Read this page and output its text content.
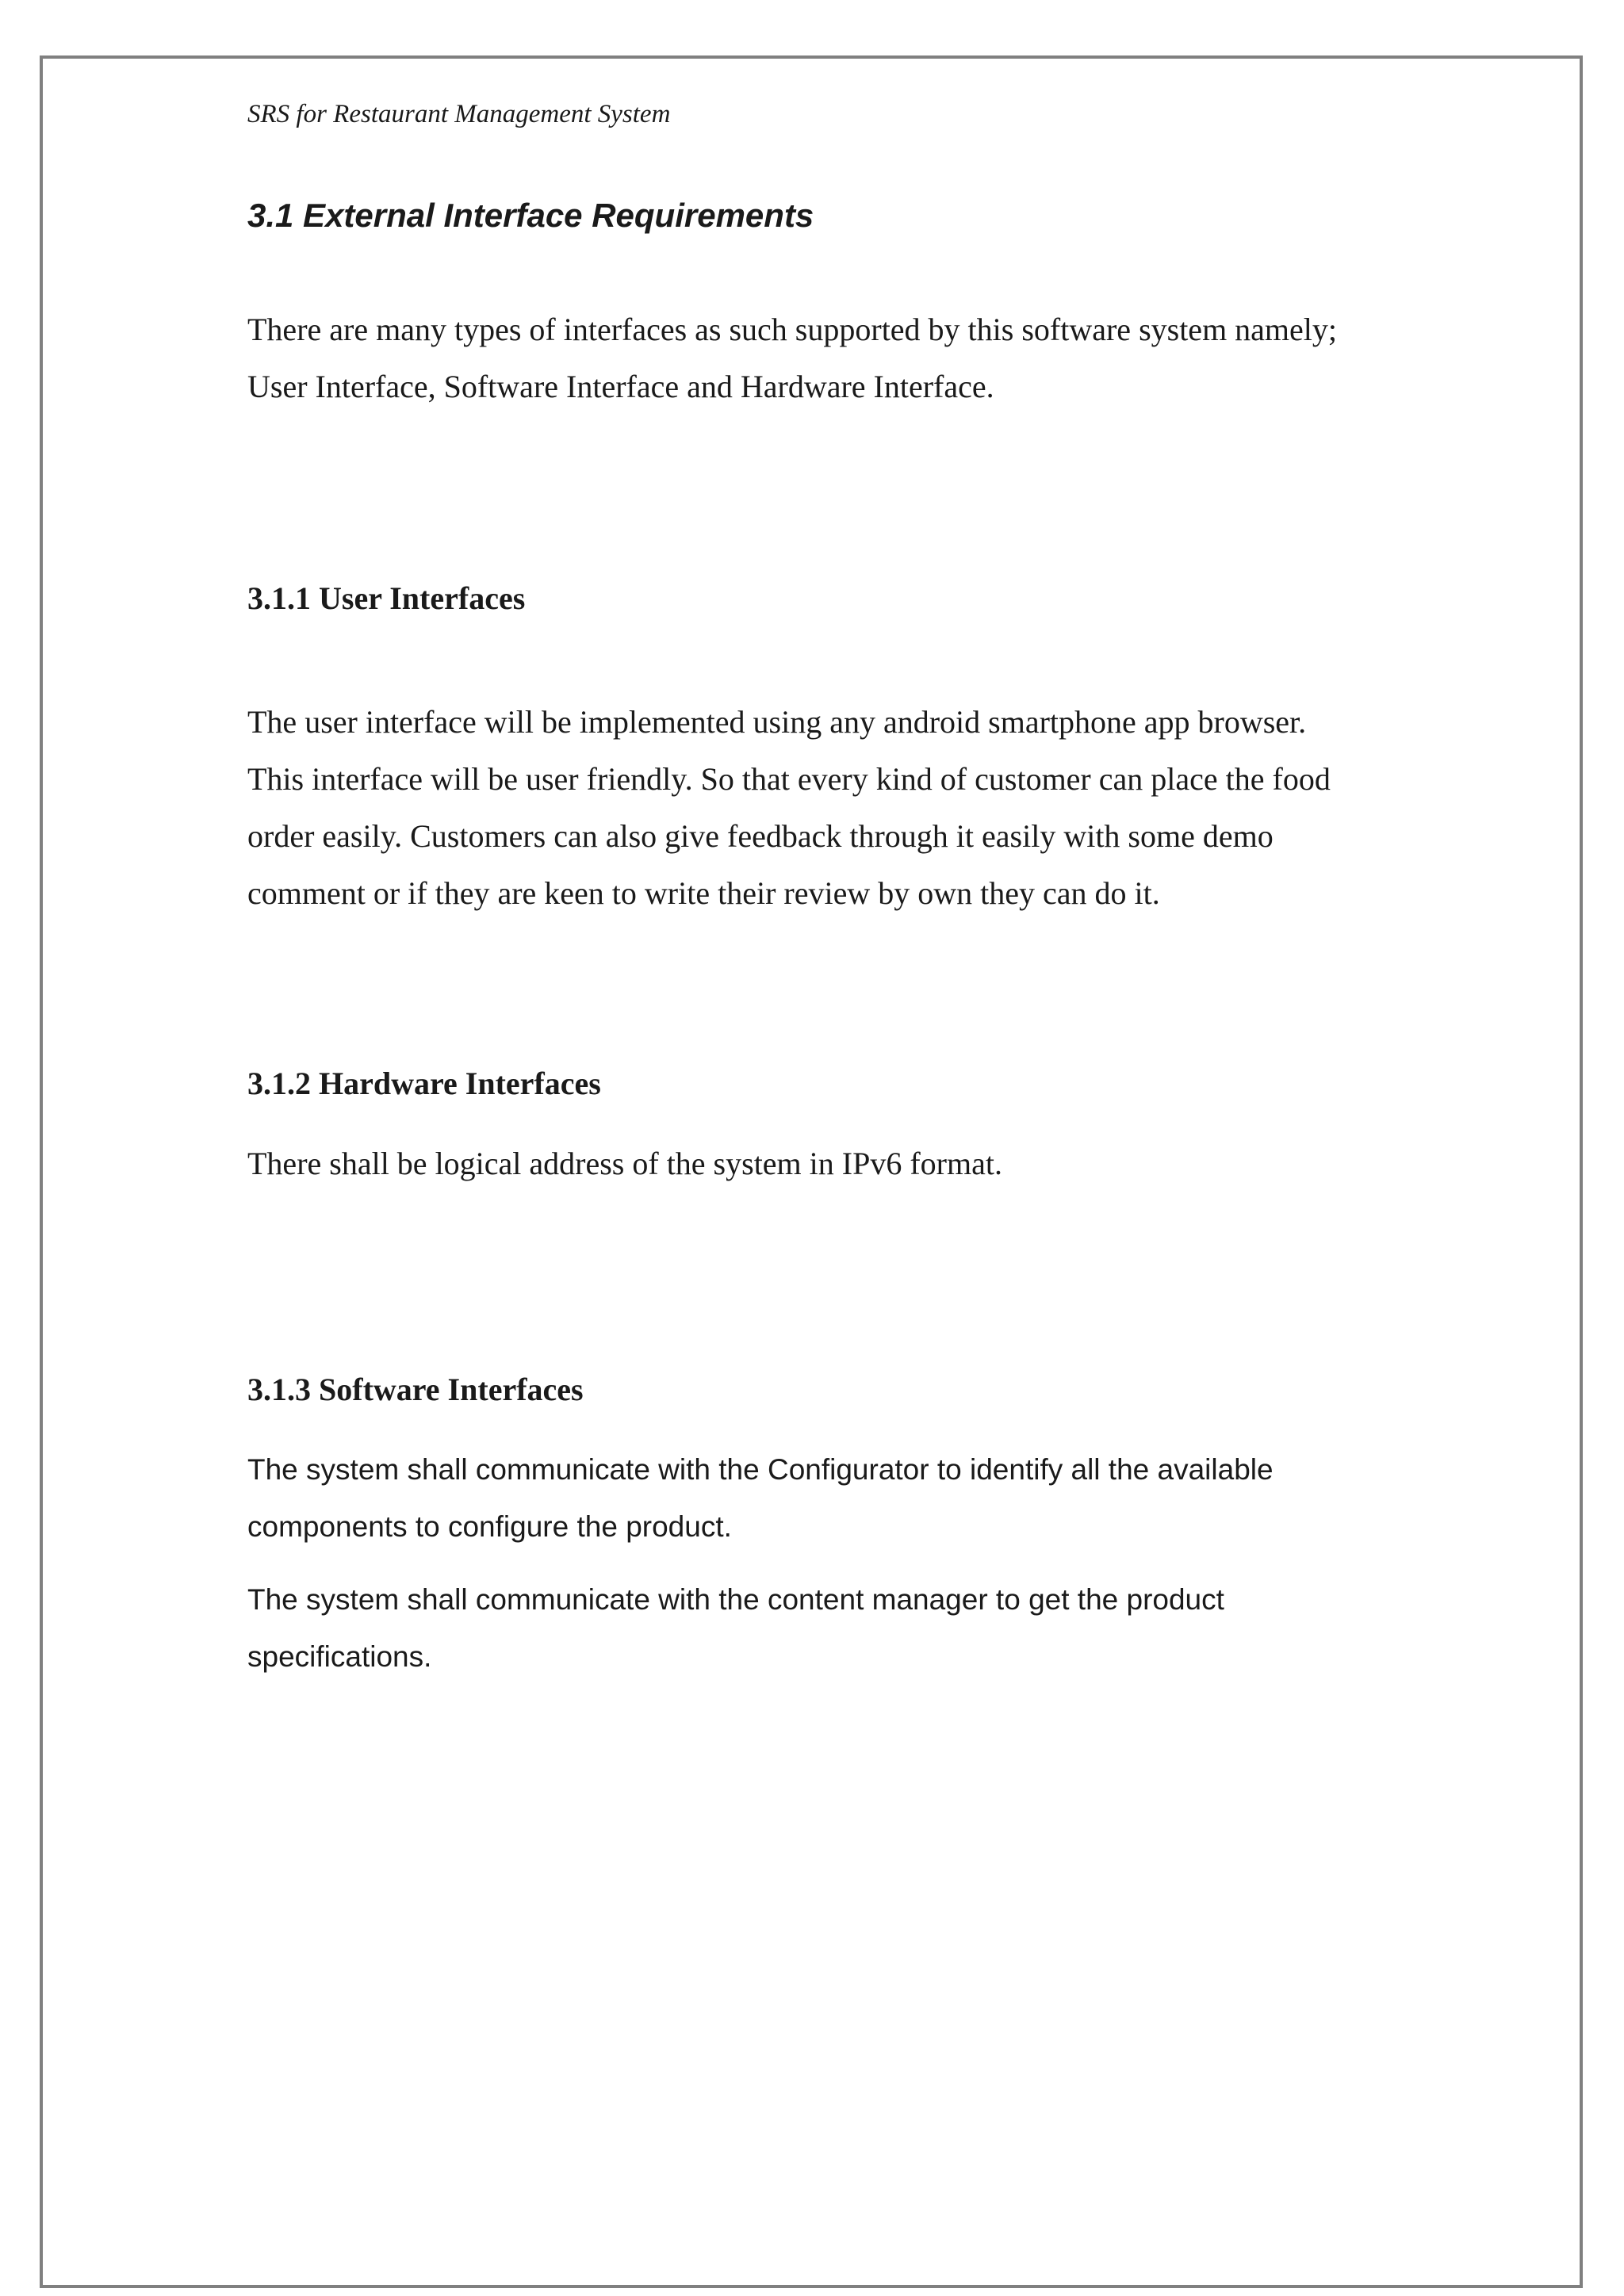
SRS for Restaurant Management System

3.1 External Interface Requirements
There are many types of interfaces as such supported by this software system namely;
User Interface, Software Interface and Hardware Interface.
3.1.1 User Interfaces
The user interface will be implemented using any android smartphone app browser.
This interface will be user friendly. So that every kind of customer can place the food
order easily. Customers can also give feedback through it easily with some demo
comment or if they are keen to write their review by own they can do it.
3.1.2 Hardware Interfaces
There shall be logical address of the system in IPv6 format.
3.1.3 Software Interfaces
The system shall communicate with the Configurator to identify all the available
components to configure the product.
The system shall communicate with the content manager to get the product
specifications.
